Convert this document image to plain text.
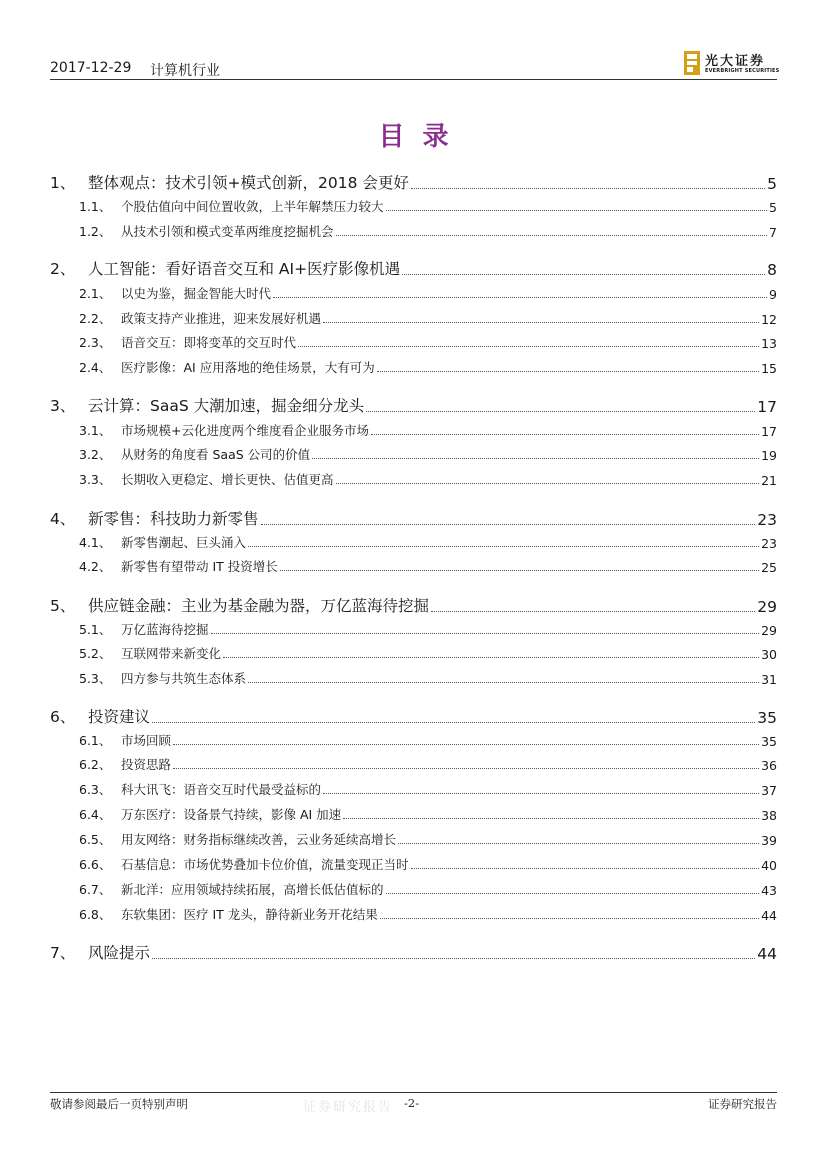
2017-12-29 计算机行业
光大证券
EVERBRIGHT SECURITIES
目录
1、 整体观点：技术引领+模式创新，2018 会更好	5
1.1、 个股估值向中间位置收敛，上半年解禁压力较大	5
1.2、 从技术引领和模式变革两维度挖掘机会	7
2、 人工智能：看好语音交互和 AI+医疗影像机遇	8
2.1、 以史为鉴，掘金智能大时代	9
2.2、 政策支持产业推进，迎来发展好机遇	12
2.3、 语音交互：即将变革的交互时代	13
2.4、 医疗影像：AI 应用落地的绝佳场景，大有可为	15
3、 云计算：SaaS 大潮加速，掘金细分龙头	17
3.1、 市场规模+云化进度两个维度看企业服务市场	17
3.2、 从财务的角度看 SaaS 公司的价值	19
3.3、 长期收入更稳定、增长更快、估值更高	21
4、 新零售：科技助力新零售	23
4.1、 新零售潮起、巨头涌入	23
4.2、 新零售有望带动 IT 投资增长	25
5、 供应链金融：主业为基金融为器，万亿蓝海待挖掘	29
5.1、 万亿蓝海待挖掘	29
5.2、 互联网带来新变化	30
5.3、 四方参与共筑生态体系	31
6、 投资建议	35
6.1、 市场回顾	35
6.2、 投资思路	36
6.3、 科大讯飞：语音交互时代最受益标的	37
6.4、 万东医疗：设备景气持续，影像 AI 加速	38
6.5、 用友网络：财务指标继续改善，云业务延续高增长	39
6.6、 石基信息：市场优势叠加卡位价值，流量变现正当时	40
6.7、 新北洋：应用领域持续拓展，高增长低估值标的	43
6.8、 东软集团：医疗 IT 龙头，静待新业务开花结果	44
7、 风险提示	44
敬请参阅最后一页特别声明	证券研究报告 -2-	证券研究报告
